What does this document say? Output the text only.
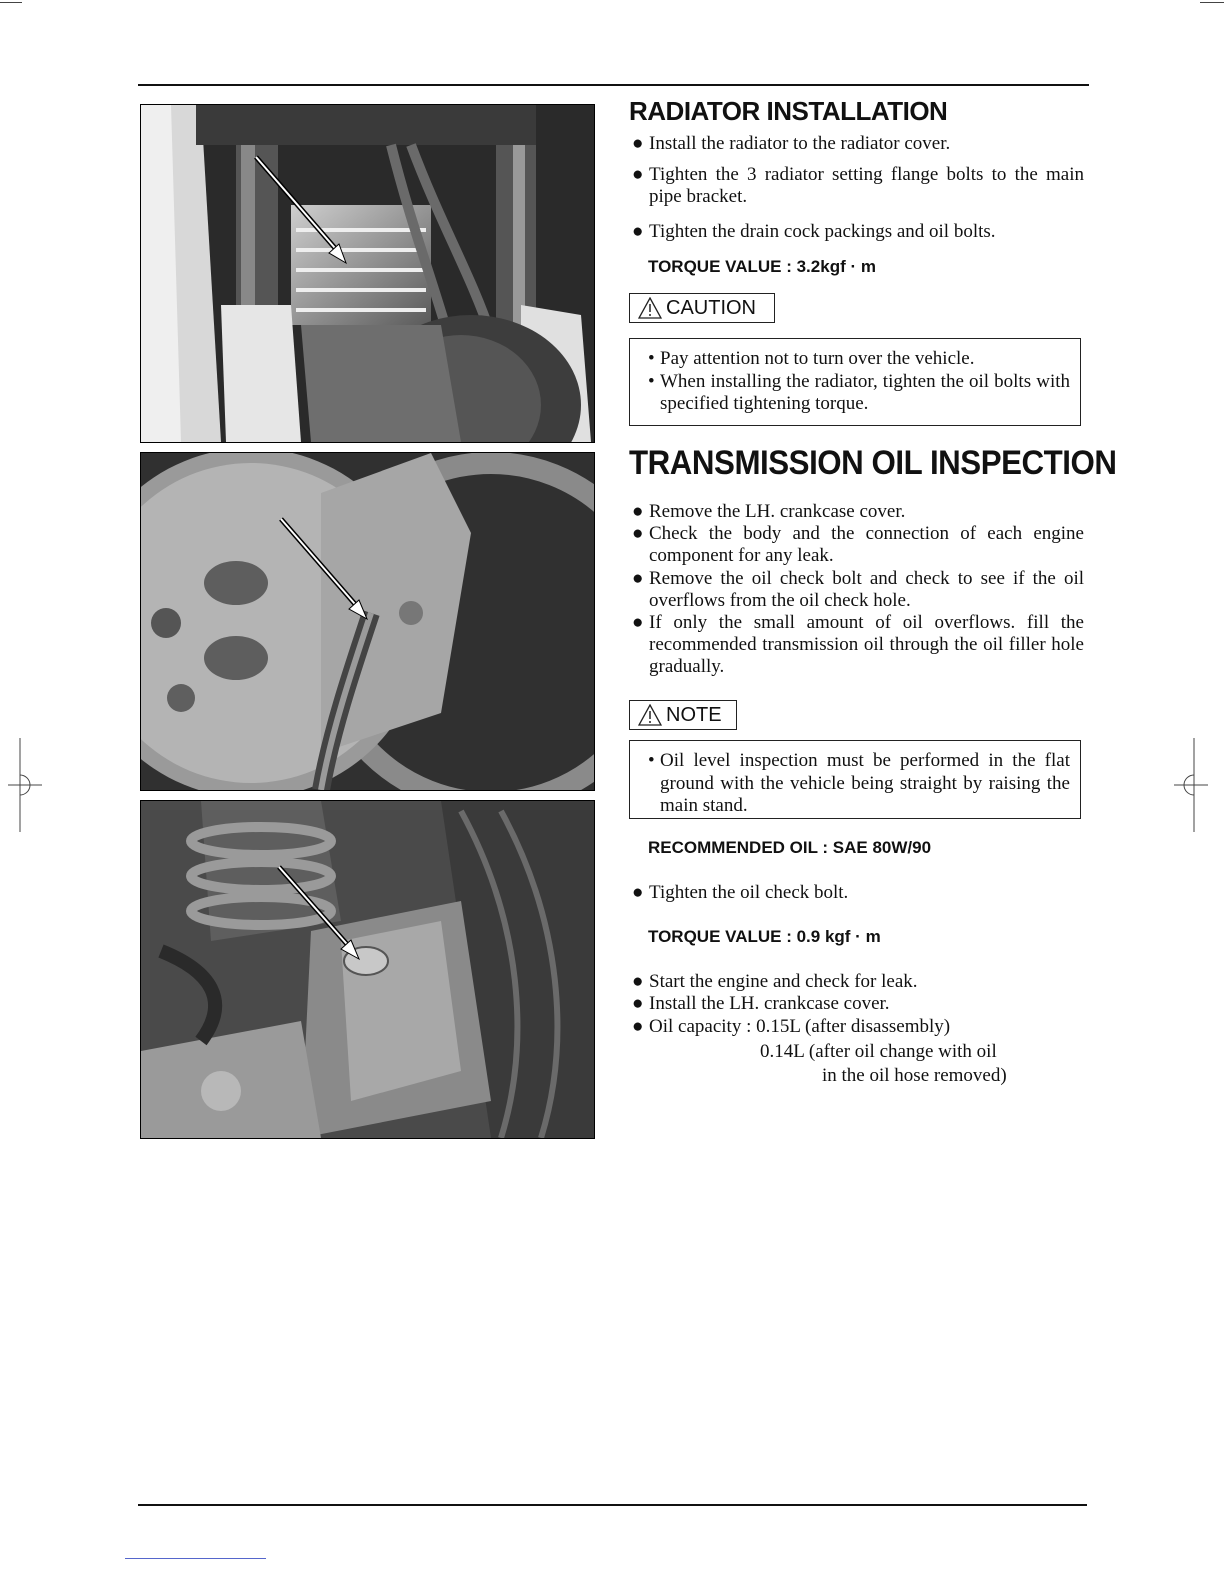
RADIATOR INSTALLATION
● Install the radiator to the radiator cover.
● Tighten the 3 radiator setting flange bolts to the main pipe bracket.
● Tighten the drain cock packings and oil bolts.
TORQUE VALUE : 3.2kgf · m
CAUTION

• Pay attention not to turn over the vehicle.

• When installing the radiator, tighten the oil bolts with specified tightening torque.

TRANSMISSION OIL INSPECTION
● Remove the LH. crankcase cover.
● Check the body and the connection of each engine component for any leak.
● Remove the oil check bolt and check to see if the oil overflows from the oil check hole.
● If only the small amount of oil overflows. fill the recommended transmission oil through the oil filler hole gradually.
NOTE

• Oil level inspection must be performed in the flat ground with the vehicle being straight by raising the main stand.

RECOMMENDED OIL : SAE 80W/90
● Tighten the oil check bolt.
TORQUE VALUE : 0.9 kgf · m
● Start the engine and check for leak.
● Install the LH. crankcase cover.
● Oil capacity : 0.15L (after disassembly)
0.14L (after oil change with oil
in the oil hose removed)
